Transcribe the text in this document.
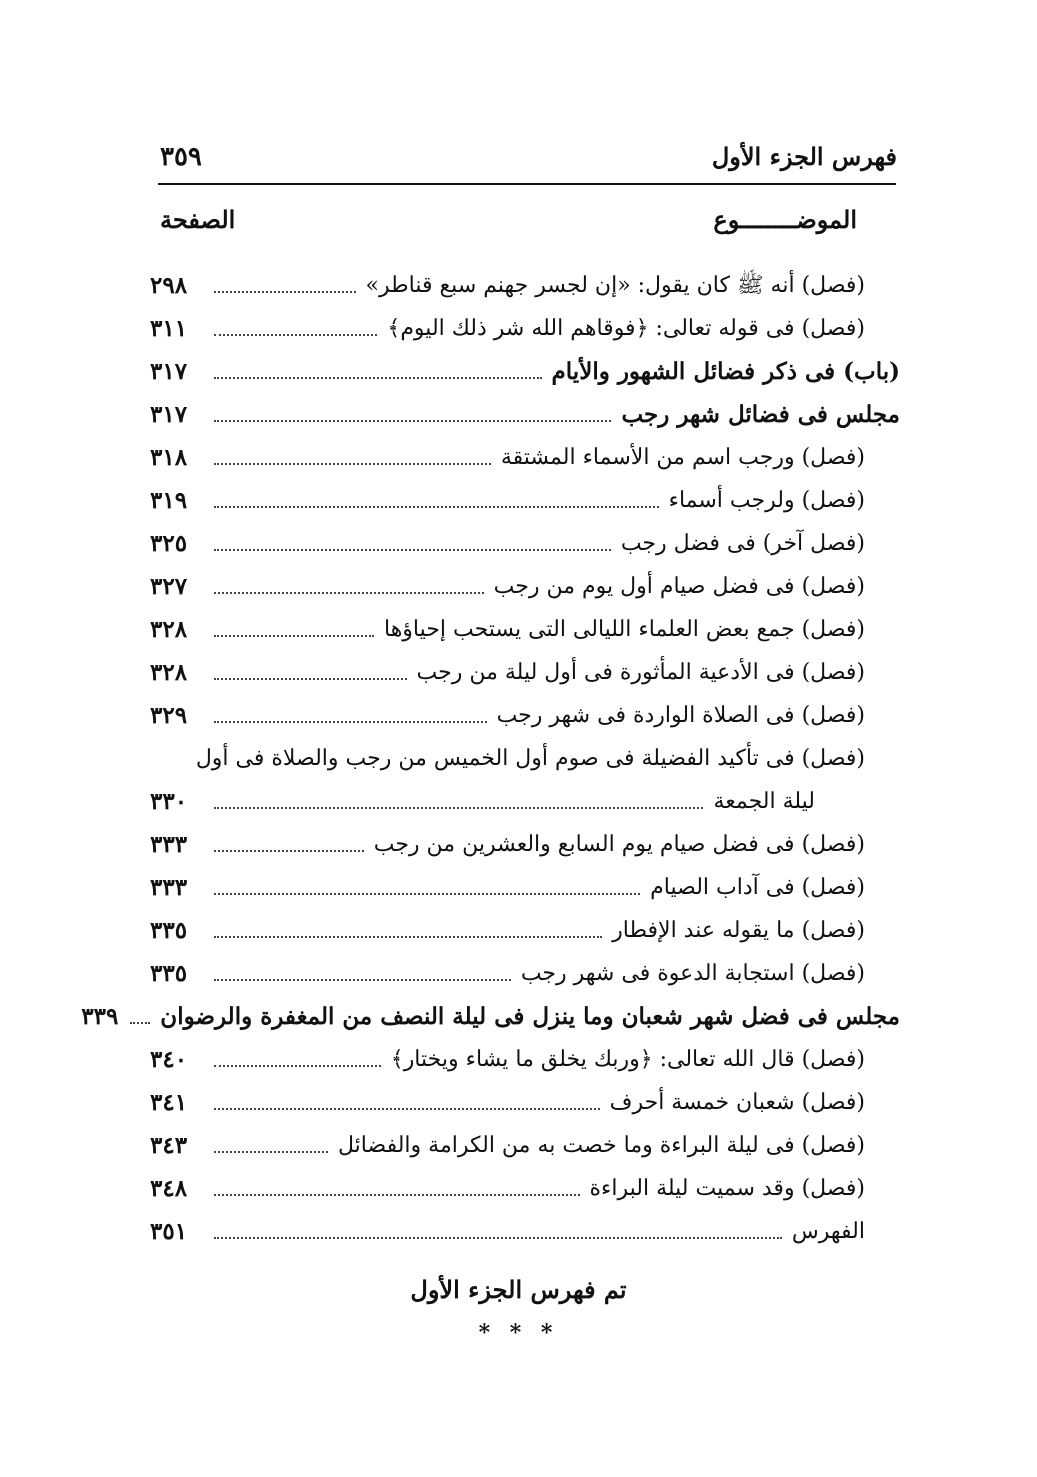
فهرس الجزء الأول
٣٥٩
الموضــــــــوع
الصفحة
(فصل) أنه ﷺ كان يقول: «إن لجسر جهنم سبع قناطر»
٢٩٨
(فصل) فى قوله تعالى: ﴿فوقاهم الله شر ذلك اليوم﴾
٣١١
(باب) فى ذكر فضائل الشهور والأيام
٣١٧
مجلس فى فضائل شهر رجب
٣١٧
(فصل) ورجب اسم من الأسماء المشتقة
٣١٨
(فصل) ولرجب أسماء
٣١٩
(فصل آخر) فى فضل رجب
٣٢٥
(فصل) فى فضل صيام أول يوم من رجب
٣٢٧
(فصل) جمع بعض العلماء الليالى التى يستحب إحياؤها
٣٢٨
(فصل) فى الأدعية المأثورة فى أول ليلة من رجب
٣٢٨
(فصل) فى الصلاة الواردة فى شهر رجب
٣٢٩
(فصل) فى تأكيد الفضيلة فى صوم أول الخميس من رجب والصلاة فى أول
ليلة الجمعة
٣٣٠
(فصل) فى فضل صيام يوم السابع والعشرين من رجب
٣٣٣
(فصل) فى آداب الصيام
٣٣٣
(فصل) ما يقوله عند الإفطار
٣٣٥
(فصل) استجابة الدعوة فى شهر رجب
٣٣٥
مجلس فى فضل شهر شعبان وما ينزل فى ليلة النصف من المغفرة والرضوان
٣٣٩
(فصل) قال الله تعالى: ﴿وربك يخلق ما يشاء ويختار﴾
٣٤٠
(فصل) شعبان خمسة أحرف
٣٤١
(فصل) فى ليلة البراءة وما خصت به من الكرامة والفضائل
٣٤٣
(فصل) وقد سميت ليلة البراءة
٣٤٨
الفهرس
٣٥١
تم فهرس الجزء الأول
* * *
